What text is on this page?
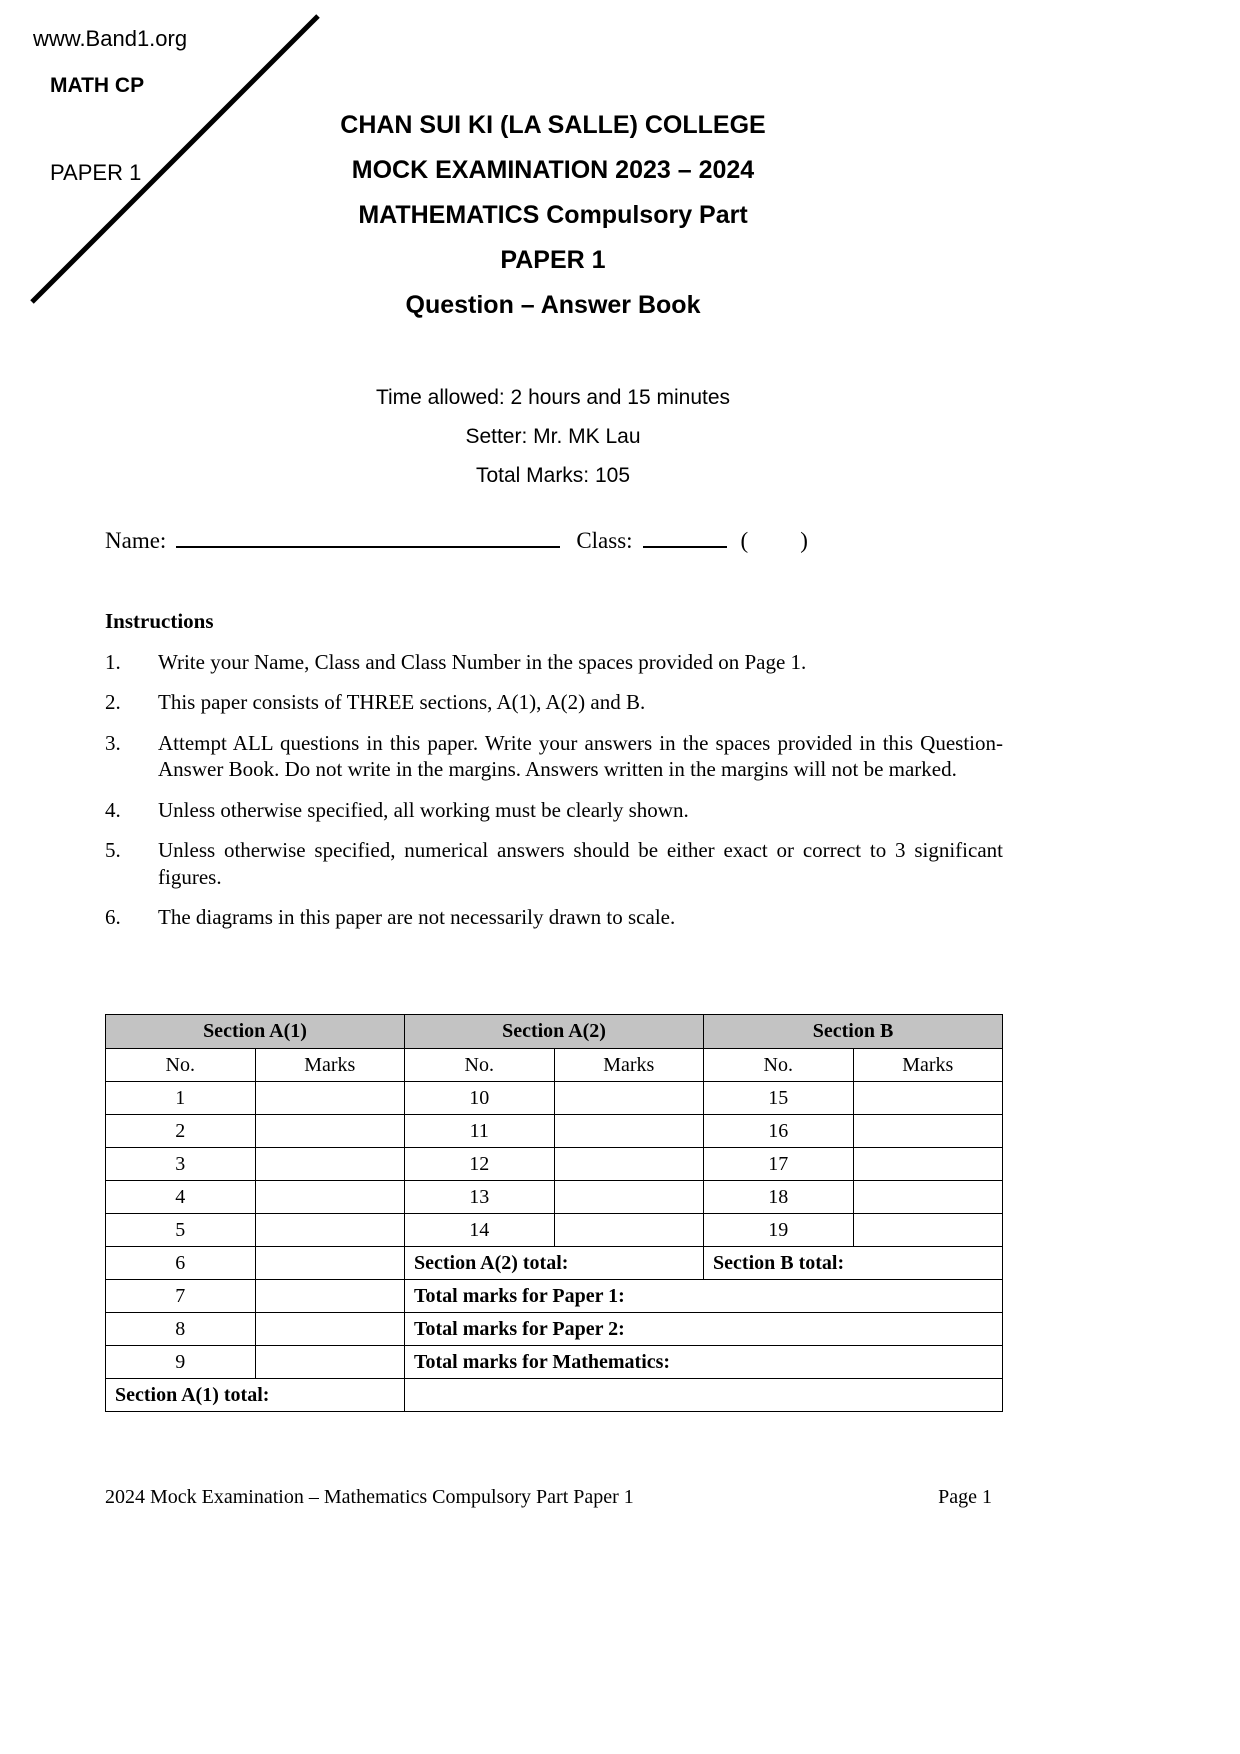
www.Band1.org
MATH CP
PAPER 1
CHAN SUI KI (LA SALLE) COLLEGE
MOCK EXAMINATION 2023 – 2024
MATHEMATICS Compulsory Part
PAPER 1
Question – Answer Book
Time allowed: 2 hours and 15 minutes
Setter: Mr. MK Lau
Total Marks: 105
Name:	Class:	( )
Instructions
1.	Write your Name, Class and Class Number in the spaces provided on Page 1.
2.	This paper consists of THREE sections, A(1), A(2) and B.
3.	Attempt ALL questions in this paper. Write your answers in the spaces provided in this Question-Answer Book. Do not write in the margins. Answers written in the margins will not be marked.
4.	Unless otherwise specified, all working must be clearly shown.
5.	Unless otherwise specified, numerical answers should be either exact or correct to 3 significant figures.
6.	The diagrams in this paper are not necessarily drawn to scale.
Section A(1)		Section A(2)		Section B	
No.	Marks	No.	Marks	No.	Marks
1		10		15	
2		11		16	
3		12		17	
4		13		18	
5		14		19	
6		Section A(2) total:		Section B total:	
7		Total marks for Paper 1:			
8		Total marks for Paper 2:			
9		Total marks for Mathematics:			
Section A(1) total:					
2024 Mock Examination – Mathematics Compulsory Part Paper 1	Page 1
